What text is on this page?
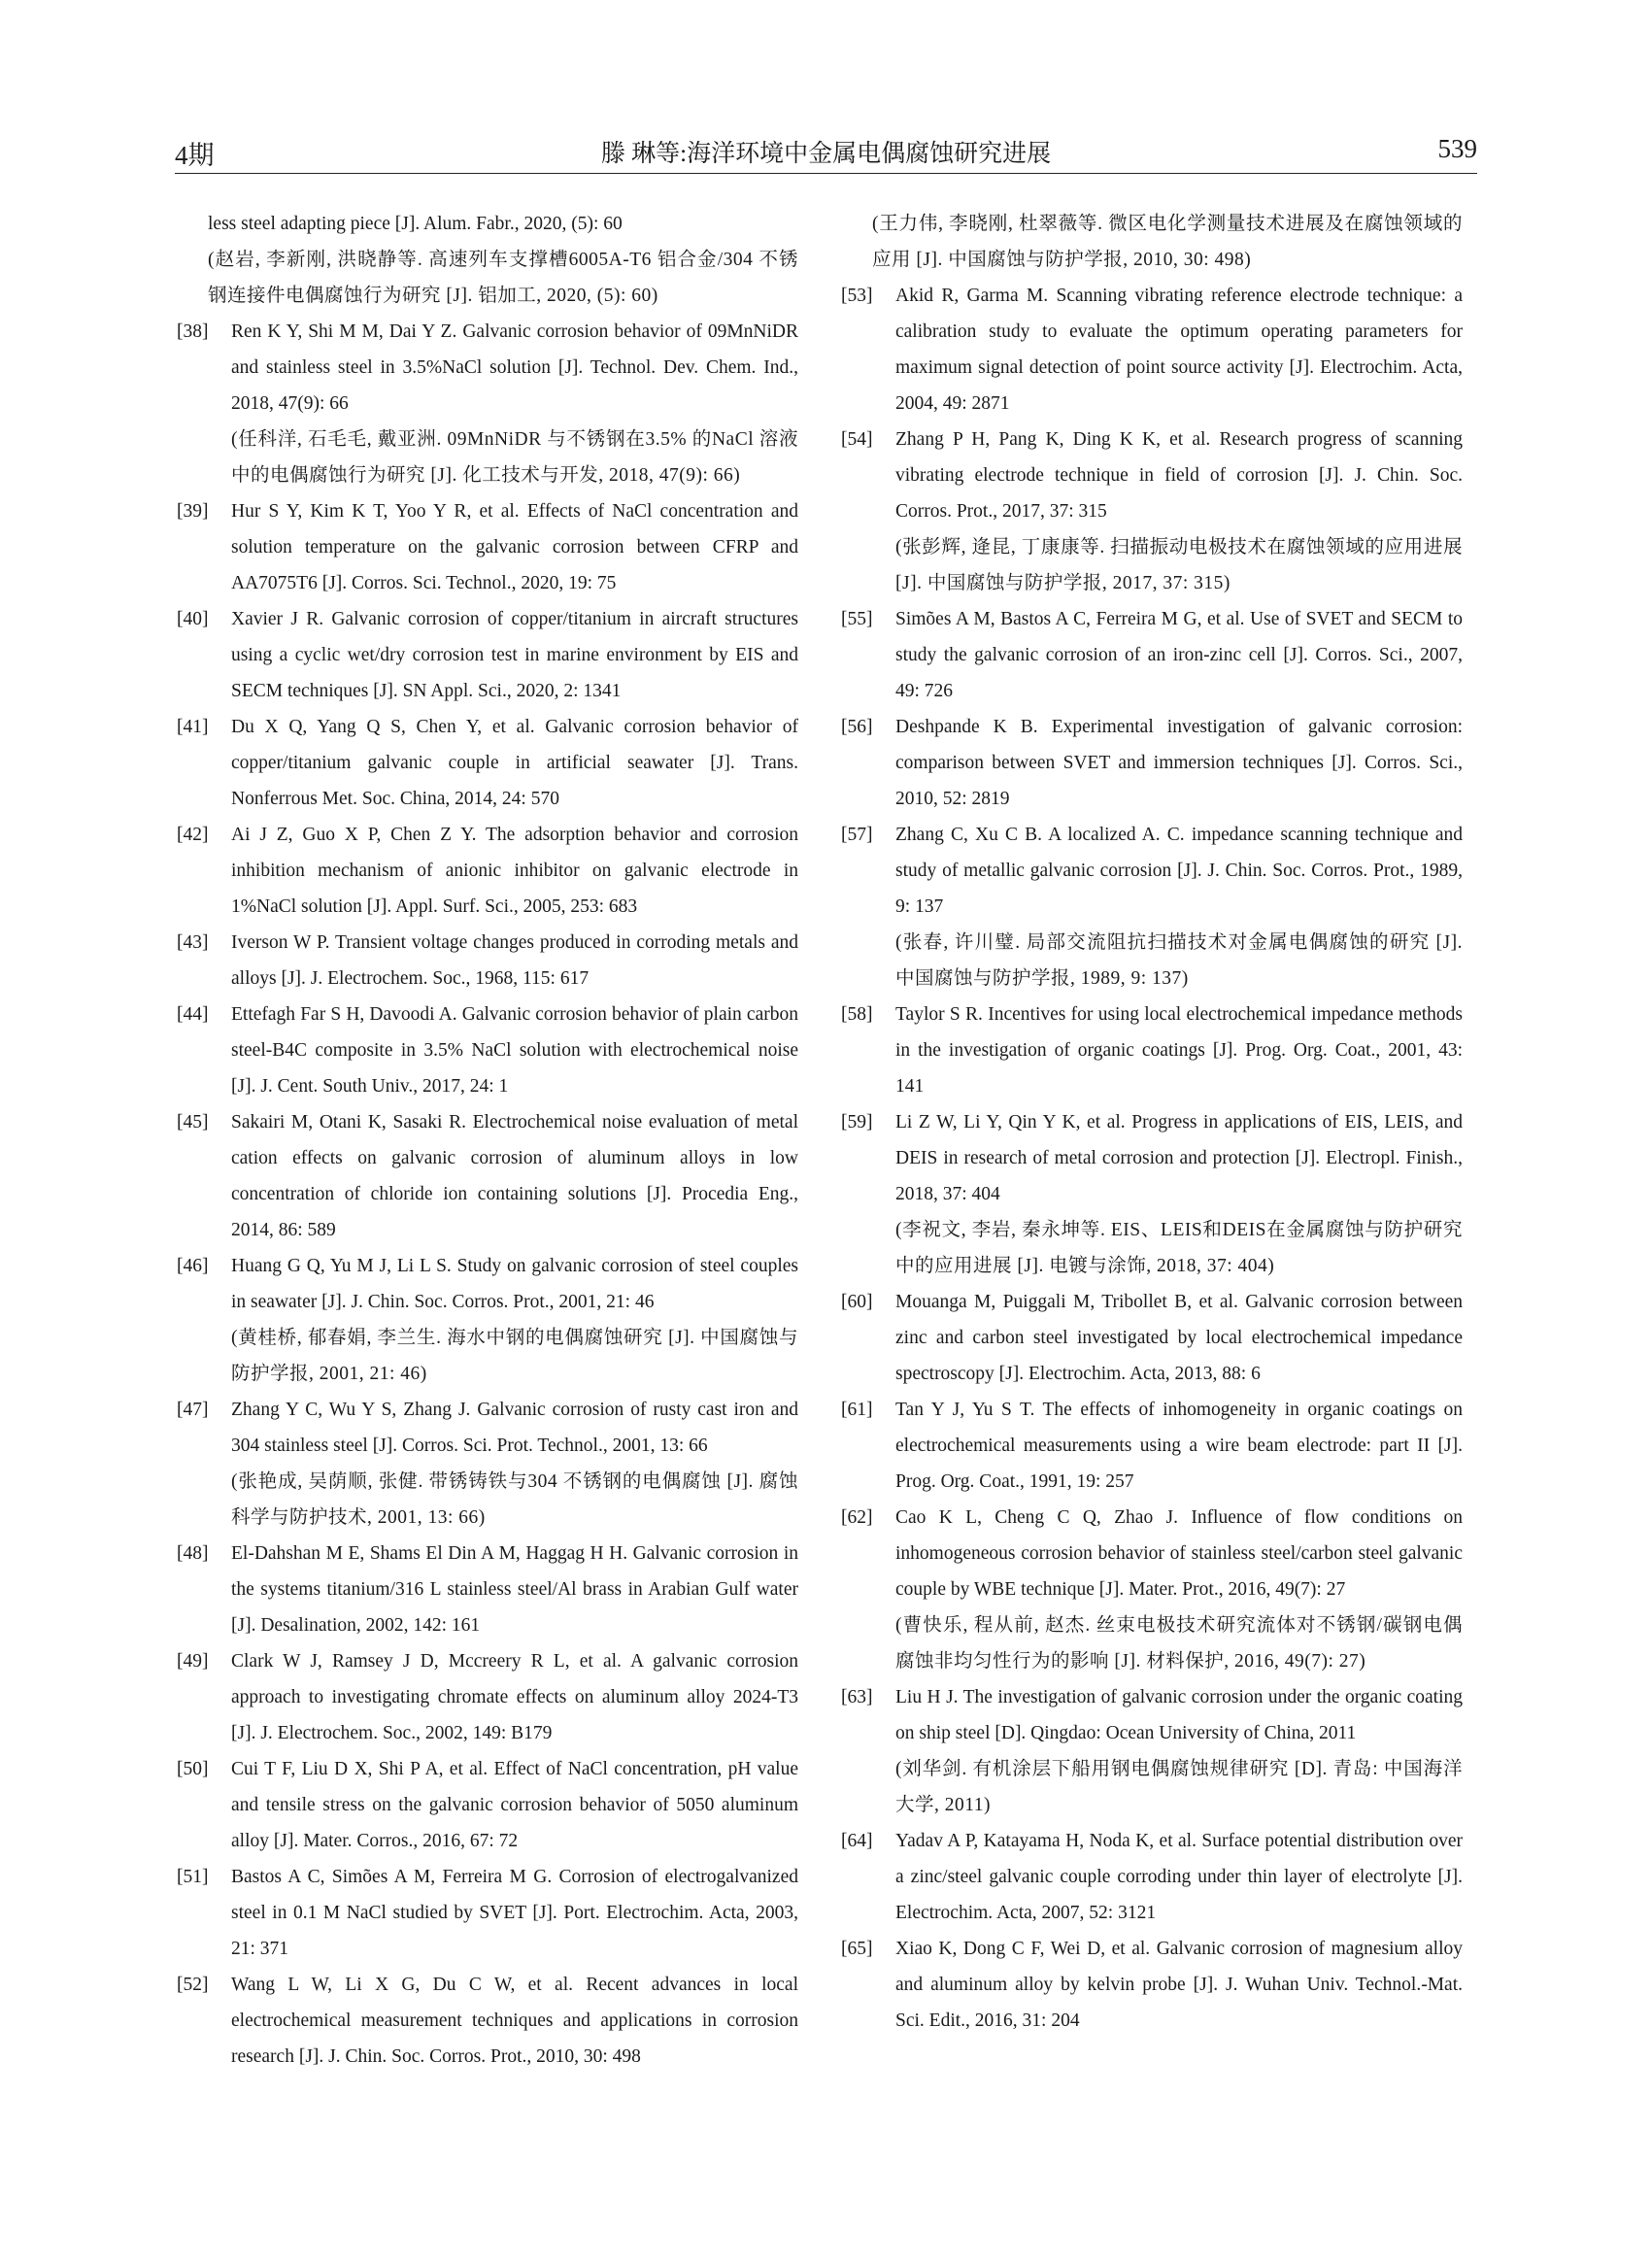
4期	滕 琳等:海洋环境中金属电偶腐蚀研究进展	539
less steel adapting piece [J]. Alum. Fabr., 2020, (5): 60
(赵岩, 李新刚, 洪晓静等. 高速列车支撑槽6005A-T6 铝合金/304 不锈钢连接件电偶腐蚀行为研究 [J]. 铝加工, 2020, (5): 60)
[38] Ren K Y, Shi M M, Dai Y Z. Galvanic corrosion behavior of 09MnNiDR and stainless steel in 3.5%NaCl solution [J]. Technol. Dev. Chem. Ind., 2018, 47(9): 66
(任科洋, 石毛毛, 戴亚洲. 09MnNiDR 与不锈钢在3.5% 的NaCl 溶液中的电偶腐蚀行为研究 [J]. 化工技术与开发, 2018, 47(9): 66)
[39] Hur S Y, Kim K T, Yoo Y R, et al. Effects of NaCl concentration and solution temperature on the galvanic corrosion between CFRP and AA7075T6 [J]. Corros. Sci. Technol., 2020, 19: 75
[40] Xavier J R. Galvanic corrosion of copper/titanium in aircraft structures using a cyclic wet/dry corrosion test in marine environment by EIS and SECM techniques [J]. SN Appl. Sci., 2020, 2: 1341
[41] Du X Q, Yang Q S, Chen Y, et al. Galvanic corrosion behavior of copper/titanium galvanic couple in artificial seawater [J]. Trans. Nonferrous Met. Soc. China, 2014, 24: 570
[42] Ai J Z, Guo X P, Chen Z Y. The adsorption behavior and corrosion inhibition mechanism of anionic inhibitor on galvanic electrode in 1%NaCl solution [J]. Appl. Surf. Sci., 2005, 253: 683
[43] Iverson W P. Transient voltage changes produced in corroding metals and alloys [J]. J. Electrochem. Soc., 1968, 115: 617
[44] Ettefagh Far S H, Davoodi A. Galvanic corrosion behavior of plain carbon steel-B4C composite in 3.5% NaCl solution with electrochemical noise [J]. J. Cent. South Univ., 2017, 24: 1
[45] Sakairi M, Otani K, Sasaki R. Electrochemical noise evaluation of metal cation effects on galvanic corrosion of aluminum alloys in low concentration of chloride ion containing solutions [J]. Procedia Eng., 2014, 86: 589
[46] Huang G Q, Yu M J, Li L S. Study on galvanic corrosion of steel couples in seawater [J]. J. Chin. Soc. Corros. Prot., 2001, 21: 46
(黄桂桥, 郁春娟, 李兰生. 海水中钢的电偶腐蚀研究 [J]. 中国腐蚀与防护学报, 2001, 21: 46)
[47] Zhang Y C, Wu Y S, Zhang J. Galvanic corrosion of rusty cast iron and 304 stainless steel [J]. Corros. Sci. Prot. Technol., 2001, 13: 66
(张艳成, 吴荫顺, 张健. 带锈铸铁与304 不锈钢的电偶腐蚀 [J]. 腐蚀科学与防护技术, 2001, 13: 66)
[48] El-Dahshan M E, Shams El Din A M, Haggag H H. Galvanic corrosion in the systems titanium/316 L stainless steel/Al brass in Arabian Gulf water [J]. Desalination, 2002, 142: 161
[49] Clark W J, Ramsey J D, Mccreery R L, et al. A galvanic corrosion approach to investigating chromate effects on aluminum alloy 2024-T3 [J]. J. Electrochem. Soc., 2002, 149: B179
[50] Cui T F, Liu D X, Shi P A, et al. Effect of NaCl concentration, pH value and tensile stress on the galvanic corrosion behavior of 5050 aluminum alloy [J]. Mater. Corros., 2016, 67: 72
[51] Bastos A C, Simões A M, Ferreira M G. Corrosion of electrogalvanized steel in 0.1 M NaCl studied by SVET [J]. Port. Electrochim. Acta, 2003, 21: 371
[52] Wang L W, Li X G, Du C W, et al. Recent advances in local electrochemical measurement techniques and applications in corrosion research [J]. J. Chin. Soc. Corros. Prot., 2010, 30: 498
(王力伟, 李晓刚, 杜翠薇等. 微区电化学测量技术进展及在腐蚀领域的应用 [J]. 中国腐蚀与防护学报, 2010, 30: 498)
[53] Akid R, Garma M. Scanning vibrating reference electrode technique: a calibration study to evaluate the optimum operating parameters for maximum signal detection of point source activity [J]. Electrochim. Acta, 2004, 49: 2871
[54] Zhang P H, Pang K, Ding K K, et al. Research progress of scanning vibrating electrode technique in field of corrosion [J]. J. Chin. Soc. Corros. Prot., 2017, 37: 315
(张彭辉, 逄昆, 丁康康等. 扫描振动电极技术在腐蚀领域的应用进展 [J]. 中国腐蚀与防护学报, 2017, 37: 315)
[55] Simões A M, Bastos A C, Ferreira M G, et al. Use of SVET and SECM to study the galvanic corrosion of an iron-zinc cell [J]. Corros. Sci., 2007, 49: 726
[56] Deshpande K B. Experimental investigation of galvanic corrosion: comparison between SVET and immersion techniques [J]. Corros. Sci., 2010, 52: 2819
[57] Zhang C, Xu C B. A localized A. C. impedance scanning technique and study of metallic galvanic corrosion [J]. J. Chin. Soc. Corros. Prot., 1989, 9: 137
(张春, 许川璧. 局部交流阻抗扫描技术对金属电偶腐蚀的研究 [J]. 中国腐蚀与防护学报, 1989, 9: 137)
[58] Taylor S R. Incentives for using local electrochemical impedance methods in the investigation of organic coatings [J]. Prog. Org. Coat., 2001, 43: 141
[59] Li Z W, Li Y, Qin Y K, et al. Progress in applications of EIS, LEIS, and DEIS in research of metal corrosion and protection [J]. Electropl. Finish., 2018, 37: 404
(李祝文, 李岩, 秦永坤等. EIS、LEIS和DEIS在金属腐蚀与防护研究中的应用进展 [J]. 电镀与涂饰, 2018, 37: 404)
[60] Mouanga M, Puiggali M, Tribollet B, et al. Galvanic corrosion between zinc and carbon steel investigated by local electrochemical impedance spectroscopy [J]. Electrochim. Acta, 2013, 88: 6
[61] Tan Y J, Yu S T. The effects of inhomogeneity in organic coatings on electrochemical measurements using a wire beam electrode: part II [J]. Prog. Org. Coat., 1991, 19: 257
[62] Cao K L, Cheng C Q, Zhao J. Influence of flow conditions on inhomogeneous corrosion behavior of stainless steel/carbon steel galvanic couple by WBE technique [J]. Mater. Prot., 2016, 49(7): 27
(曹快乐, 程从前, 赵杰. 丝束电极技术研究流体对不锈钢/碳钢电偶腐蚀非均匀性行为的影响 [J]. 材料保护, 2016, 49(7): 27)
[63] Liu H J. The investigation of galvanic corrosion under the organic coating on ship steel [D]. Qingdao: Ocean University of China, 2011
(刘华剑. 有机涂层下船用钢电偶腐蚀规律研究 [D]. 青岛: 中国海洋大学, 2011)
[64] Yadav A P, Katayama H, Noda K, et al. Surface potential distribution over a zinc/steel galvanic couple corroding under thin layer of electrolyte [J]. Electrochim. Acta, 2007, 52: 3121
[65] Xiao K, Dong C F, Wei D, et al. Galvanic corrosion of magnesium alloy and aluminum alloy by kelvin probe [J]. J. Wuhan Univ. Technol.-Mat. Sci. Edit., 2016, 31: 204
